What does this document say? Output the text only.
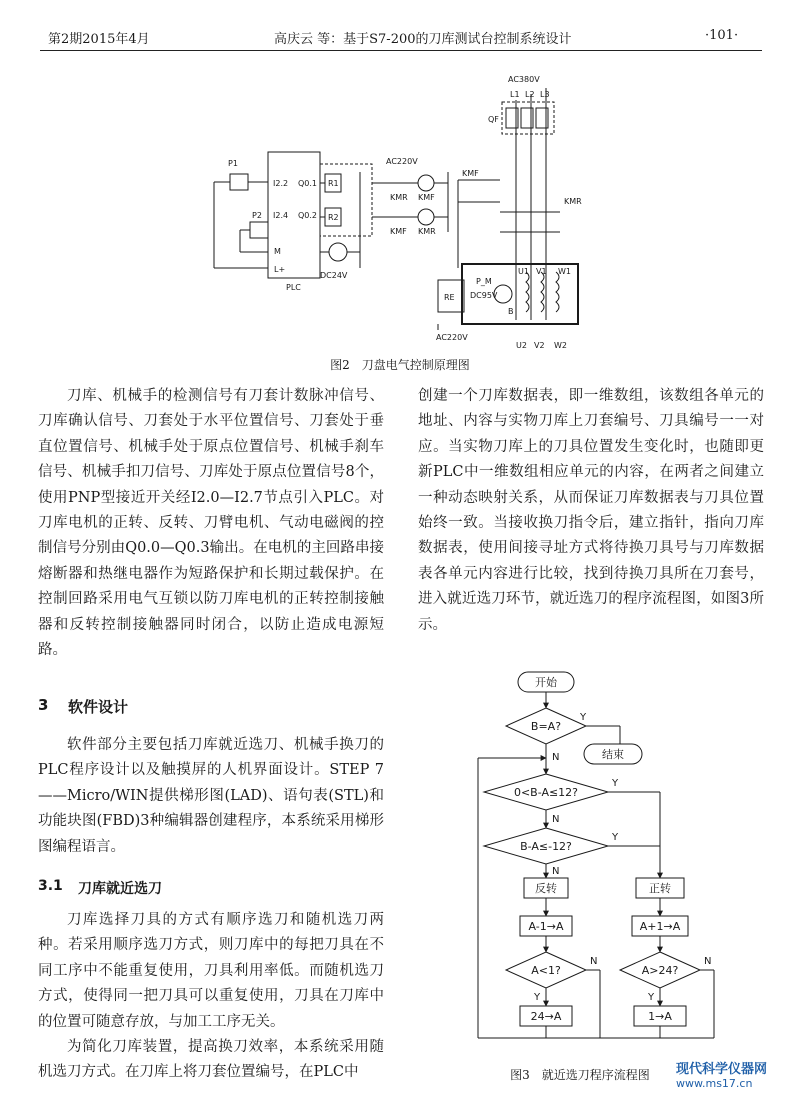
第2期2015年4月	高庆云 等：基于S7-200的刀库测试台控制系统设计	·101·
AC380V
L1 L2 L3
QF
KMF
KMR
P1
P2
I2.2
I2.4
M
L+
Q0.1
Q0.2
R1
R2
PLC
AC220V
KMR KMF
KMF KMR
DC24V	U1 V1 W1
RE
P_M
DC95V
B
AC220V
U2 V2 W2
图2　刀盘电气控制原理图

刀库、机械手的检测信号有刀套计数脉冲信号、刀库确认信号、刀套处于水平位置信号、刀套处于垂直位置信号、机械手处于原点位置信号、机械手刹车信号、机械手扣刀信号、刀库处于原点位置信号8个，使用PNP型接近开关经I2.0—I2.7节点引入PLC。对刀库电机的正转、反转、刀臂电机、气动电磁阀的控制信号分别由Q0.0—Q0.3输出。在电机的主回路串接熔断器和热继电器作为短路保护和长期过载保护。在控制回路采用电气互锁以防刀库电机的正转控制接触器和反转控制接触器同时闭合，以防止造成电源短路。

3 软件设计

软件部分主要包括刀库就近选刀、机械手换刀的PLC程序设计以及触摸屏的人机界面设计。STEP 7——Micro/WIN提供梯形图(LAD)、语句表(STL)和功能块图(FBD)3种编辑器创建程序，本系统采用梯形图编程语言。

3.1 刀库就近选刀

刀库选择刀具的方式有顺序选刀和随机选刀两种。若采用顺序选刀方式，则刀库中的每把刀具在不同工序中不能重复使用，刀具利用率低。而随机选刀方式，使得同一把刀具可以重复使用，刀具在刀库中的位置可随意存放，与加工工序无关。

为简化刀库装置，提高换刀效率，本系统采用随机选刀方式。在刀库上将刀套位置编号，在PLC中

创建一个刀库数据表，即一维数组，该数组各单元的地址、内容与实物刀库上刀套编号、刀具编号一一对应。当实物刀库上的刀具位置发生变化时，也随即更新PLC中一维数组相应单元的内容，在两者之间建立一种动态映射关系，从而保证刀库数据表与刀具位置始终一致。当接收换刀指令后，建立指针，指向刀库数据表，使用间接寻址方式将待换刀具号与刀库数据表各单元内容进行比较，找到待换刀具所在刀套号，进入就近选刀环节，就近选刀的程序流程图，如图3所示。

开始
B=A?
结束
0<B-A≤12?
B-A≤-12?
反转	正转
A-1→A	A+1→A
A<1?	A>24?
24→A	1→A
Y
N
Y
N
Y
N
N	N
Y	Y
图3　就近选刀程序流程图	现代科学仪器网
www.ms17.cn
